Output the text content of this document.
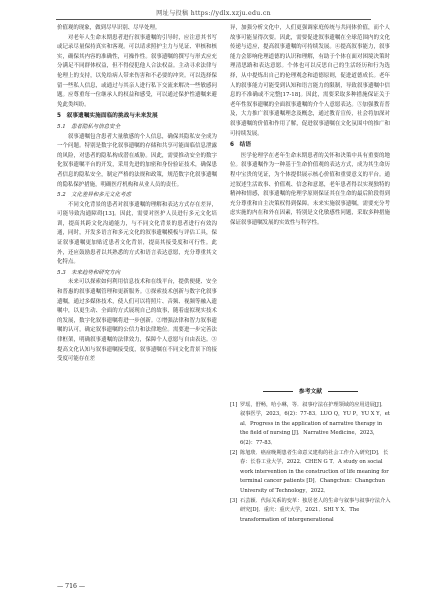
网址与投稿 https://ydlx.xzju.edu.cn

价值观的现象，做到尽早识别、尽早处理。

对老年人生命末期患者进行叙事遗嘱的引导时，应注意其书写或记录尽量保持真实和客观。可以请求照护主力与见证、审核和核实，确保其内容的准确性，可操作性。叙事遗嘱的撰写与形式应充分满足不同群体权益，但不得侵犯他人合法权益。主动寻求法律与伦理上的支持，以免给病人带来伤害和不必要的冲突。可以选择保留一些私人信息，或通过与其亲人进行私下交流来解决一些敏感问题。应尊重每一位继承人的权益和感受，可以通过保护性遗嘱来避免此类纠纷。

5　叙事遗嘱实施面临的挑战与未来发展
5.1　患者隐私与信息安全

叙事遗嘱包含患者大量敏感的个人信息，确保其隐私安全成为一个问题。特别是数字化叙事遗嘱的存储和共享可能面临信息泄露的风险，对患者的隐私构成潜在威胁。因此，需要推动安全的数字化叙事遗嘱平台的开发，采用先进的加密和身份验证技术，确保患者信息的隐私安全，制定严格的法规和政策，规范数字化叙事遗嘱的隐私保护措施，明确医疗机构和从业人员的责任。

5.2　文化差异和多元文化考虑

不同文化背景的患者对叙事遗嘱的理解和表达方式存在差异，可能导致沟通障碍[13]。因此，需要对医护人员进行多元文化培训，提高其跨文化沟通能力，与不同文化背景的患者进行有效沟通，同时，开发多语言和多元文化的叙事遗嘱模板与评估工具，保证叙事遗嘱更加贴近患者文化背景，提高其接受度和可行性。此外，还应鼓励患者以其熟悉的方式和语言表达意愿，充分尊重其文化特点。

5.3　未来趋势和研究方向

未来可以探索如何利用信息技术和在线平台，提供便捷、安全和普惠的叙事遗嘱管理和更新服务。①探索技术创新与数字化叙事遗嘱，通过多媒体技术，使人们可以将照片、音频、视频等融入遗嘱中，以更生动、全面的方式展现自己的故事，随着虚拟现实技术的发展，数字化叙事遗嘱将进一步创新。②增强法律和智力叙事遗嘱的认可，确定叙事遗嘱的公信力和法律地位。需要进一步完善法律框架，明确叙事遗嘱的法律效力，保障个人意愿与自由表达。③提高文化认知与叙事遗嘱接受度，叙事遗嘱在不同文化背景下的接受度可能存在差

异，加强分析文化中，人们更强调家庭传统与共同体价值，而个人故事可能显得次要。因此，需要促进叙事遗嘱在全球范围内的文化传递与适应，提高叙事遗嘱的可持续发展。④提高叙事能力，叙事能力会影响伦理道德的认识和理解，有助于个体在面对困境决策时理清思路和表达意愿。个体也可以反思自己的生活经历和行为选择，从中提炼出自己的伦理观念和道德原则，促进道德成长。老年人的叙事能力可能受到认知和语言能力的限制，导致叙事遗嘱中信息的不准确或不完整[17-18]。因此，需要采取多种措施保证关于老年性叙事遗嘱的全面叙事遗嘱的介个人意愿表达。⑤加强教育普及，大力推广叙事遗嘱理念及概念，通过教育宣传，社会将加深对叙事遗嘱的价值和作用了解，促进叙事遗嘱在文化氛围中的推广和可持续发展。

6　结语

医学伦理学在老年生命末期患者的关怀和决策中具有重要的地位。叙事遗嘱作为一种基于生命价值观的表达方式，成为其生命历程中宝贵的见证，为个体提供展示核心价值和重要意义的平台。通过叙述生活故事、价值观、信念和意愿，老年患者得以实现独特的精神和情感，叙事遗嘱的伦理学原则保证其在生命的最后阶段得到充分尊重和自主决策权得到保障。未来实施叙事遗嘱，需要充分考虑实施的内在和外在因素，特别是文化敏感性问题，采取多种措施保证叙事遗嘱发展的实效性与科学性。

参考文献
[1] 罗瑶，舒畅，哈小琳，等．叙事疗法在护理领域的应用进展[J]．叙事医学，2023，6(2)：77-83．LUO Q，YU P，YU X Y，et al．Progress in the application of narrative therapy in the field of nursing [J]．Narrative Medicine，2023，6(2)：77-83．
[2] 陈旭琰．癌症晚期患者生命意义建构的社会工作介入研究[D]．长春：长春工业大学，2022．CHEN G T．A study on social work intervention in the construction of life meaning for terminal cancer patients [D]．Changchun：Changchun University of Technology，2022．
[3] 石芸颖．代际关系的变革：独居老人的生命与叙事与叙事疗法介入研究[D]．重庆：重庆大学，2021．SHI Y X．The transformation of intergenerational
— 716 —
